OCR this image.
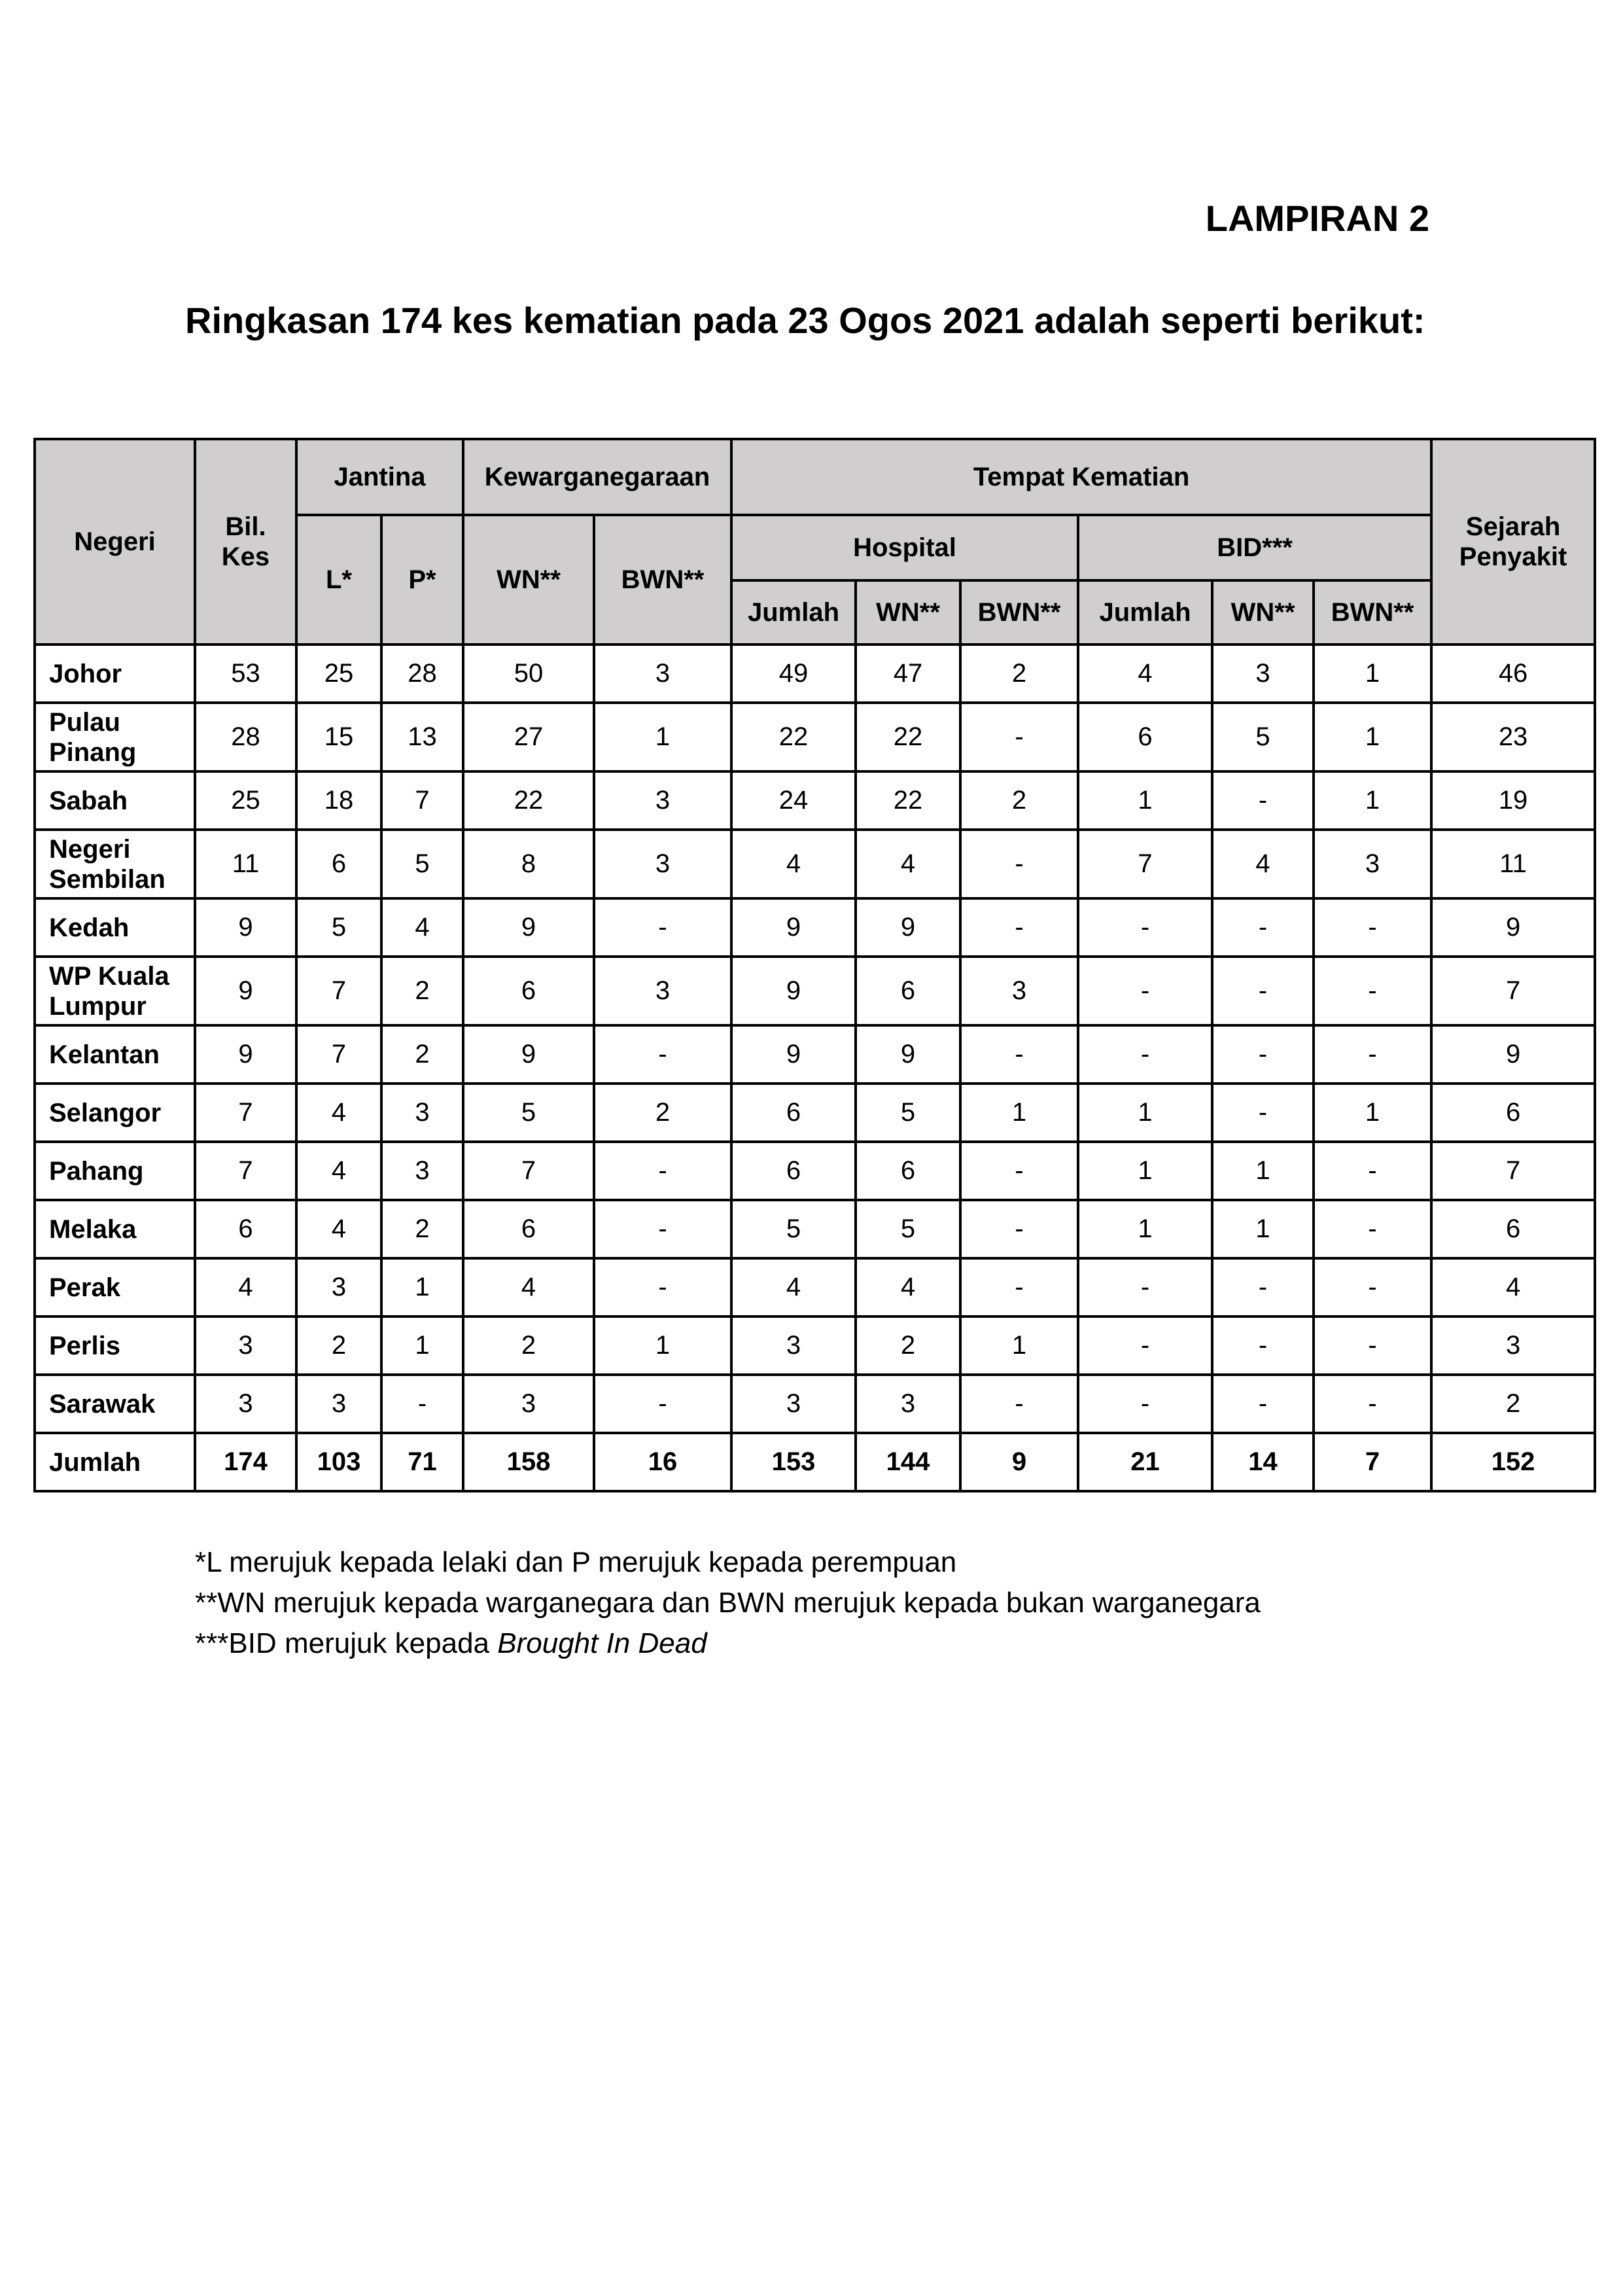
LAMPIRAN 2
Ringkasan 174 kes kematian pada 23 Ogos 2021 adalah seperti berikut:
Negeri	Bil. Kes	Jantina		Kewarganegaraan		Tempat Kematian						Sejarah Penyakit
		L*	P*	WN**	BWN**	Hospital			BID***			
						Jumlah	WN**	BWN**	Jumlah	WN**	BWN**	
Johor	53	25	28	50	3	49	47	2	4	3	1	46
Pulau Pinang	28	15	13	27	1	22	22	-	6	5	1	23
Sabah	25	18	7	22	3	24	22	2	1	-	1	19
Negeri Sembilan	11	6	5	8	3	4	4	-	7	4	3	11
Kedah	9	5	4	9	-	9	9	-	-	-	-	9
WP Kuala Lumpur	9	7	2	6	3	9	6	3	-	-	-	7
Kelantan	9	7	2	9	-	9	9	-	-	-	-	9
Selangor	7	4	3	5	2	6	5	1	1	-	1	6
Pahang	7	4	3	7	-	6	6	-	1	1	-	7
Melaka	6	4	2	6	-	5	5	-	1	1	-	6
Perak	4	3	1	4	-	4	4	-	-	-	-	4
Perlis	3	2	1	2	1	3	2	1	-	-	-	3
Sarawak	3	3	-	3	-	3	3	-	-	-	-	2
Jumlah	174	103	71	158	16	153	144	9	21	14	7	152

*L merujuk kepada lelaki dan P merujuk kepada perempuan

**WN merujuk kepada warganegara dan BWN merujuk kepada bukan warganegara

***BID merujuk kepada Brought In Dead
